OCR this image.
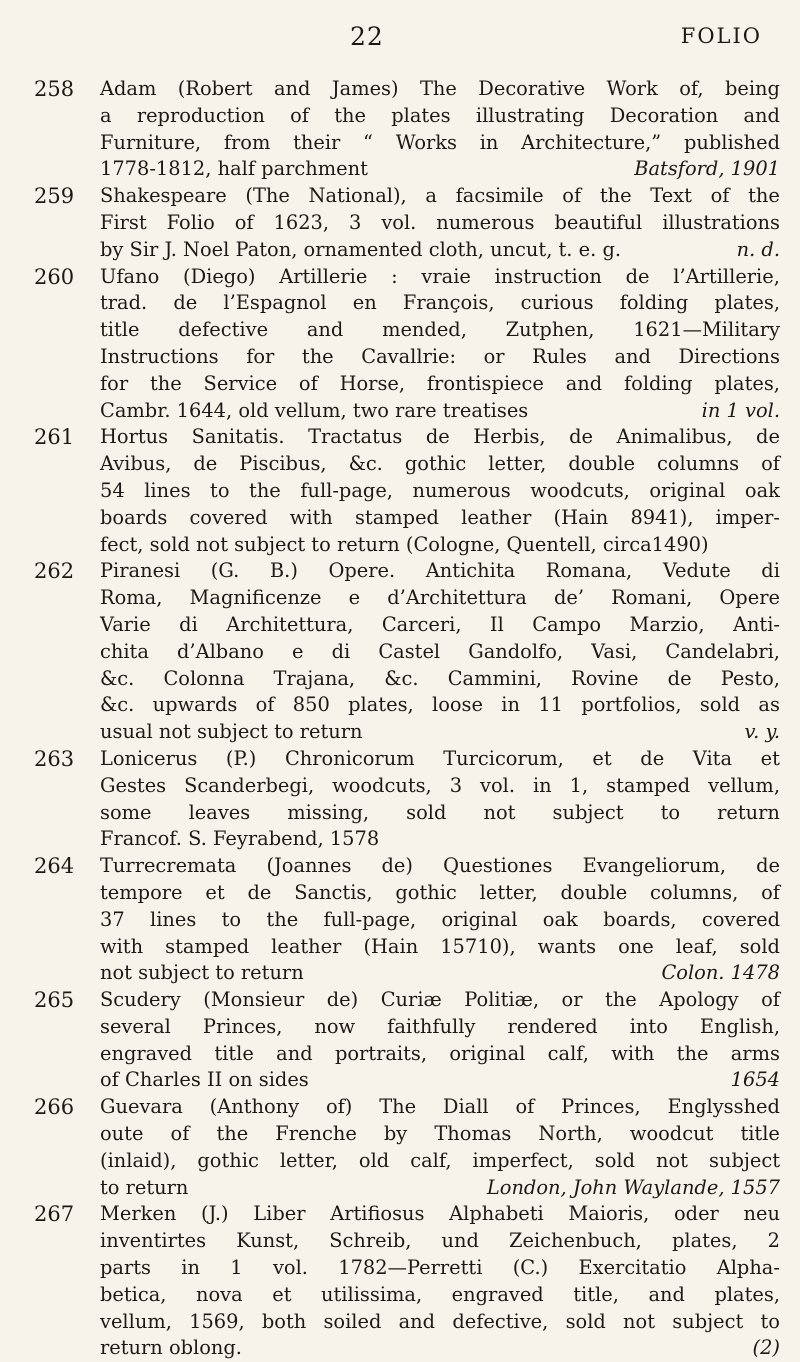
22	FOLIO
258	Adam (Robert and James) The Decorative Work of, being
a reproduction of the plates illustrating Decoration and
Furniture, from their “ Works in Architecture,” published
1778-1812, half parchment	Batsford, 1901
259	Shakespeare (The National), a facsimile of the Text of the
First Folio of 1623, 3 vol. numerous beautiful illustrations
by Sir J. Noel Paton, ornamented cloth, uncut, t. e. g.	n. d.
260	Ufano (Diego) Artillerie : vraie instruction de l’Artillerie,
trad. de l’Espagnol en François, curious folding plates,
title defective and mended, Zutphen, 1621—Military
Instructions for the Cavallrie: or Rules and Directions
for the Service of Horse, frontispiece and folding plates,
Cambr. 1644, old vellum, two rare treatises	in 1 vol.
261	Hortus Sanitatis. Tractatus de Herbis, de Animalibus, de
Avibus, de Piscibus, &c. gothic letter, double columns of
54 lines to the full-page, numerous woodcuts, original oak
boards covered with stamped leather (Hain 8941), imper-
fect, sold not subject to return (Cologne, Quentell, circa1490)
262	Piranesi (G. B.) Opere. Antichita Romana, Vedute di
Roma, Magnificenze e d’Architettura de’ Romani, Opere
Varie di Architettura, Carceri, Il Campo Marzio, Anti-
chita d’Albano e di Castel Gandolfo, Vasi, Candelabri,
&c. Colonna Trajana, &c. Cammini, Rovine de Pesto,
&c. upwards of 850 plates, loose in 11 portfolios, sold as
usual not subject to return	v. y.
263	Lonicerus (P.) Chronicorum Turcicorum, et de Vita et
Gestes Scanderbegi, woodcuts, 3 vol. in 1, stamped vellum,
some leaves missing, sold not subject to return
Francof. S. Feyrabend, 1578
264	Turrecremata (Joannes de) Questiones Evangeliorum, de
tempore et de Sanctis, gothic letter, double columns, of
37 lines to the full-page, original oak boards, covered
with stamped leather (Hain 15710), wants one leaf, sold
not subject to return	Colon. 1478
265	Scudery (Monsieur de) Curiæ Politiæ, or the Apology of
several Princes, now faithfully rendered into English,
engraved title and portraits, original calf, with the arms
of Charles II on sides	1654
266	Guevara (Anthony of) The Diall of Princes, Englysshed
oute of the Frenche by Thomas North, woodcut title
(inlaid), gothic letter, old calf, imperfect, sold not subject
to return	London, John Waylande, 1557
267	Merken (J.) Liber Artifiosus Alphabeti Maioris, oder neu
inventirtes Kunst, Schreib, und Zeichenbuch, plates, 2
parts in 1 vol. 1782—Perretti (C.) Exercitatio Alpha-
betica, nova et utilissima, engraved title, and plates,
vellum, 1569, both soiled and defective, sold not subject to
return oblong.	(2)
